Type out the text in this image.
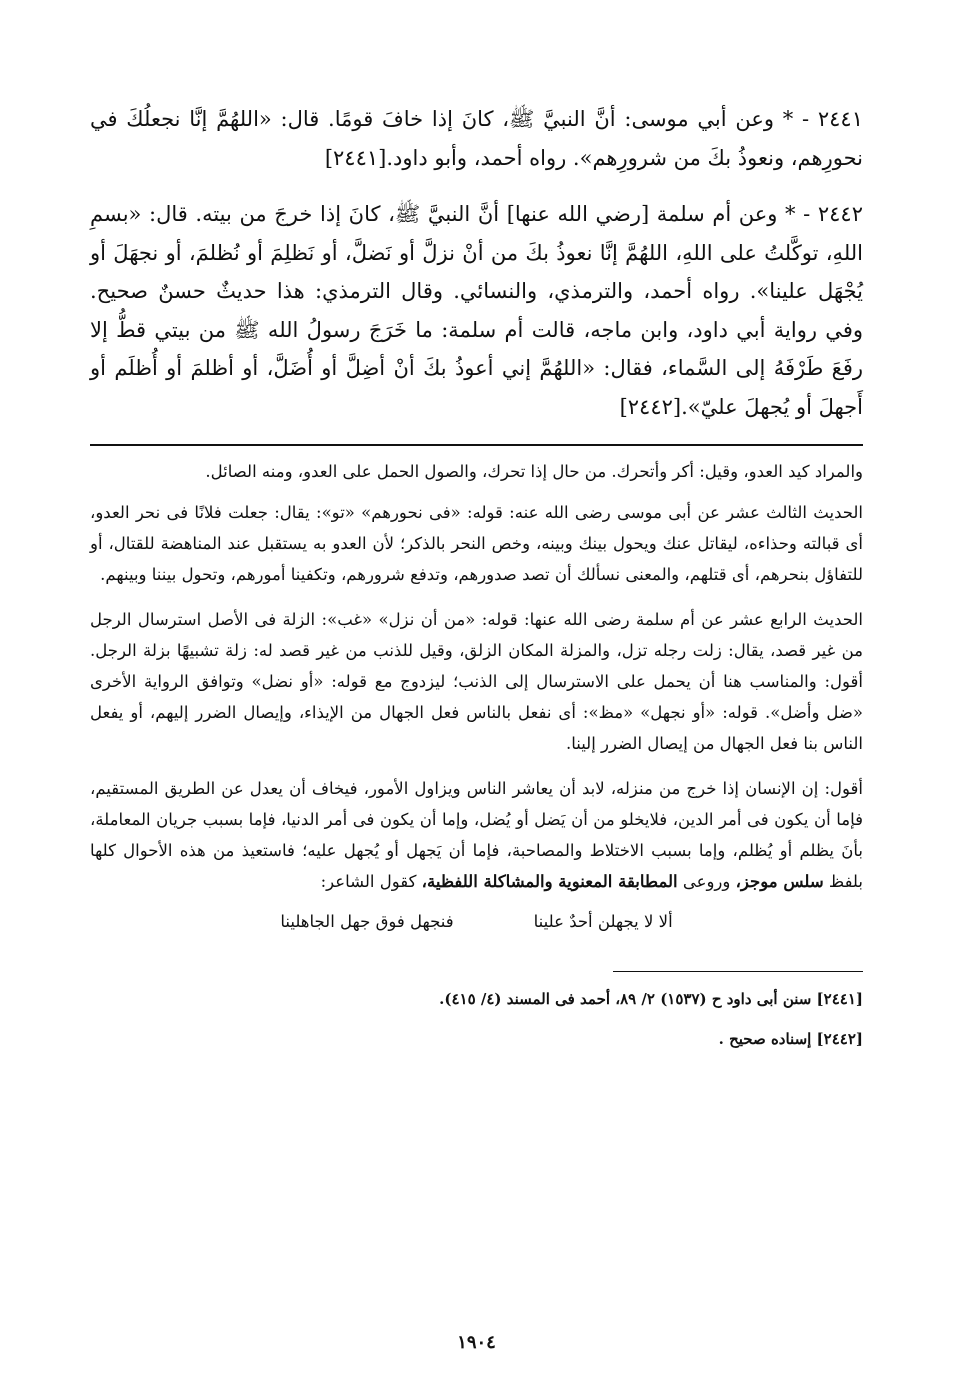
٢٤٤١ - * وعن أبي موسى: أنَّ النبيَّ ﷺ، كانَ إذا خافَ قومًا. قال: «اللهُمَّ إنَّا نجعلُكَ في نحورِهم، ونعوذُ بكَ من شرورِهم». رواه أحمد، وأبو داود.[٢٤٤١]

٢٤٤٢ - * وعن أم سلمة [رضي الله عنها] أنَّ النبيَّ ﷺ، كانَ إذا خرجَ من بيته. قال: «بسمِ اللهِ، توكَّلتُ على اللهِ، اللهُمَّ إنَّا نعوذُ بكَ من أنْ نزلَّ أو نَضلَّ، أو نَظلِمَ أو نُظلمَ، أو نجهَلَ أو يُجْهَل علينا». رواه أحمد، والترمذي، والنسائي. وقال الترمذي: هذا حديثٌ حسنٌ صحيح. وفي رواية أبي داود، وابن ماجه، قالت أم سلمة: ما خَرَجَ رسولُ الله ﷺ من بيتي قطُّ إلا رفَعَ طَرْفَهُ إلى السَّماء، فقال: «اللهُمَّ إني أعوذُ بكَ أنْ أضِلَّ أو أُضَلَّ، أو أظلمَ أو أُظلَم أو أَجهلَ أو يُجهلَ عليّ».[٢٤٤٢]

والمراد كيد العدو، وقيل: أكر وأتحرك. من حال إذا تحرك، والصول الحمل على العدو، ومنه الصائل.

الحديث الثالث عشر عن أبى موسى رضى الله عنه: قوله: «فى نحورهم» «تو»: يقال: جعلت فلانًا فى نحر العدو، أى قبالته وحذاءه، ليقاتل عنك ويحول بينك وبينه، وخص النحر بالذكر؛ لأن العدو به يستقبل عند المناهضة للقتال، أو للتفاؤل بنحرهم، أى قتلهم، والمعنى نسألك أن تصد صدورهم، وتدفع شرورهم، وتكفينا أمورهم، وتحول بيننا وبينهم.

الحديث الرابع عشر عن أم سلمة رضى الله عنها: قوله: «من أن نزل» «غب»: الزلة فى الأصل استرسال الرجل من غير قصد، يقال: زلت رجله تزل، والمزلة المكان الزلق، وقيل للذنب من غير قصد له: زلة تشبيهًا بزلة الرجل. أقول: والمناسب هنا أن يحمل على الاسترسال إلى الذنب؛ ليزدوج مع قوله: «أو نضل» وتوافق الرواية الأخرى «ضل وأضل». قوله: «أو نجهل» «مظ»: أى نفعل بالناس فعل الجهال من الإيذاء، وإيصال الضرر إليهم، أو يفعل الناس بنا فعل الجهال من إيصال الضرر إلينا.

أقول: إن الإنسان إذا خرج من منزله، لابد أن يعاشر الناس ويزاول الأمور، فيخاف أن يعدل عن الطريق المستقيم، فإما أن يكون فى أمر الدين، فلايخلو من أن يَضل أو يُضل، وإما أن يكون فى أمر الدنيا، فإما بسبب جريان المعاملة، بأنَ يظلم أو يُظلم، وإما بسبب الاختلاط والمصاحبة، فإما أن يَجهل أو يُجهل عليه؛ فاستعيذ من هذه الأحوال كلها بلفظ سلس موجز، وروعى المطابقة المعنوية والمشاكلة اللفظية، كقول الشاعر:

ألا لا يجهلن أحدٌ علينا
فنجهل فوق جهل الجاهلينا

[٢٤٤١] سنن أبى داود ح (١٥٣٧) ٢/ ٨٩، أحمد فى المسند (٤/ ٤١٥).

[٢٤٤٢] إسناده صحيح .

١٩٠٤
